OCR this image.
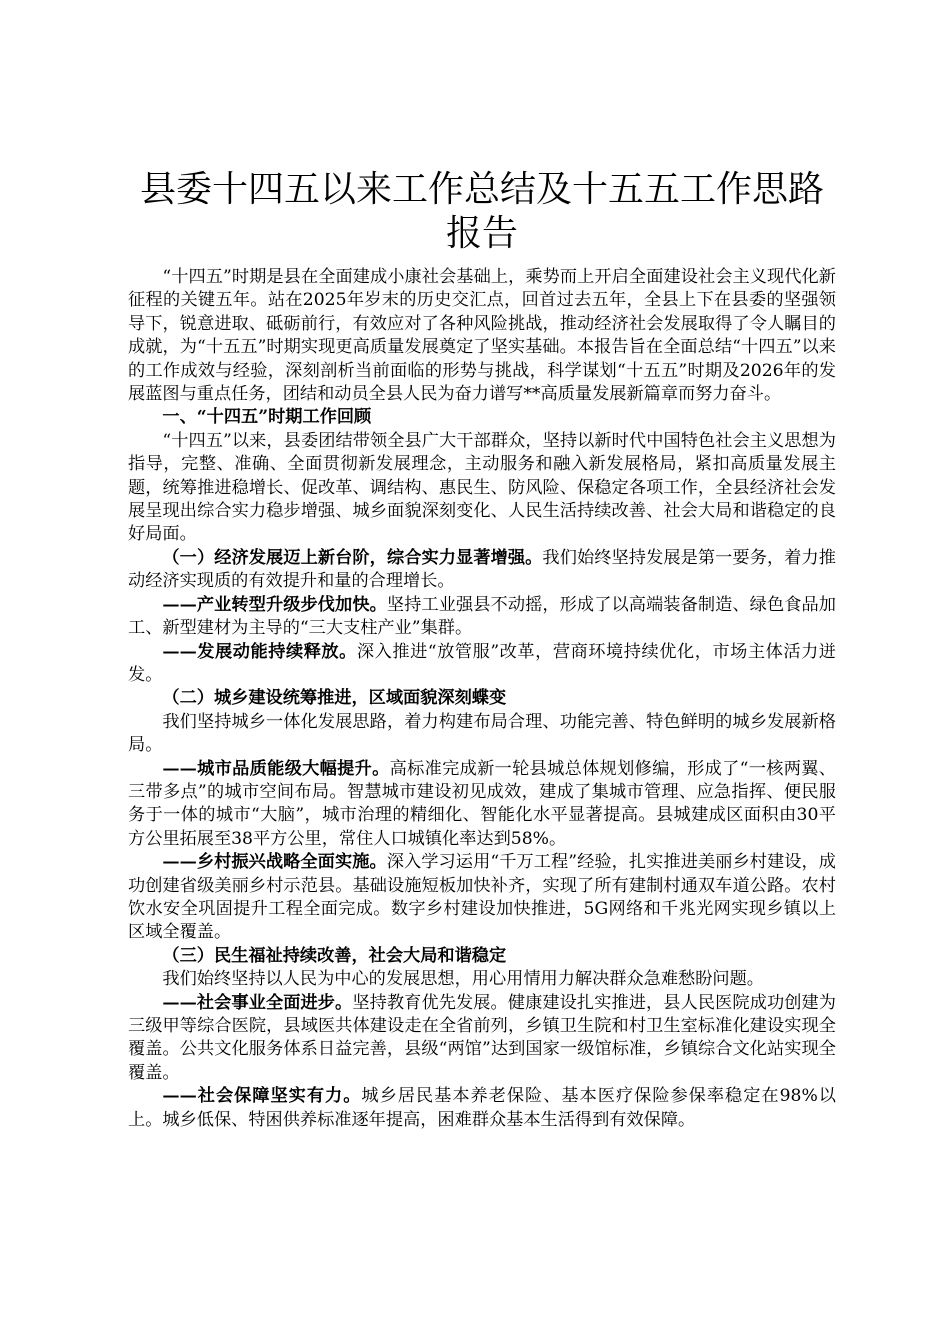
县委十四五以来工作总结及十五五工作思路报告

“十四五”时期是县在全面建成小康社会基础上，乘势而上开启全面建设社会主义现代化新征程的关键五年。站在2025年岁末的历史交汇点，回首过去五年，全县上下在县委的坚强领导下，锐意进取、砥砺前行，有效应对了各种风险挑战，推动经济社会发展取得了令人瞩目的成就，为“十五五”时期实现更高质量发展奠定了坚实基础。本报告旨在全面总结“十四五”以来的工作成效与经验，深刻剖析当前面临的形势与挑战，科学谋划“十五五”时期及2026年的发展蓝图与重点任务，团结和动员全县人民为奋力谱写**高质量发展新篇章而努力奋斗。

一、“十四五”时期工作回顾

“十四五”以来，县委团结带领全县广大干部群众，坚持以新时代中国特色社会主义思想为指导，完整、准确、全面贯彻新发展理念，主动服务和融入新发展格局，紧扣高质量发展主题，统筹推进稳增长、促改革、调结构、惠民生、防风险、保稳定各项工作，全县经济社会发展呈现出综合实力稳步增强、城乡面貌深刻变化、人民生活持续改善、社会大局和谐稳定的良好局面。

（一）经济发展迈上新台阶，综合实力显著增强。我们始终坚持发展是第一要务，着力推动经济实现质的有效提升和量的合理增长。

——产业转型升级步伐加快。坚持工业强县不动摇，形成了以高端装备制造、绿色食品加工、新型建材为主导的“三大支柱产业”集群。

——发展动能持续释放。深入推进“放管服”改革，营商环境持续优化，市场主体活力迸发。

（二）城乡建设统筹推进，区域面貌深刻蝶变

我们坚持城乡一体化发展思路，着力构建布局合理、功能完善、特色鲜明的城乡发展新格局。

——城市品质能级大幅提升。高标准完成新一轮县城总体规划修编，形成了“一核两翼、三带多点”的城市空间布局。智慧城市建设初见成效，建成了集城市管理、应急指挥、便民服务于一体的城市“大脑”，城市治理的精细化、智能化水平显著提高。县城建成区面积由30平方公里拓展至38平方公里，常住人口城镇化率达到58%。

——乡村振兴战略全面实施。深入学习运用“千万工程”经验，扎实推进美丽乡村建设，成功创建省级美丽乡村示范县。基础设施短板加快补齐，实现了所有建制村通双车道公路。农村饮水安全巩固提升工程全面完成。数字乡村建设加快推进，5G网络和千兆光网实现乡镇以上区域全覆盖。

（三）民生福祉持续改善，社会大局和谐稳定

我们始终坚持以人民为中心的发展思想，用心用情用力解决群众急难愁盼问题。

——社会事业全面进步。坚持教育优先发展。健康建设扎实推进，县人民医院成功创建为三级甲等综合医院，县域医共体建设走在全省前列，乡镇卫生院和村卫生室标准化建设实现全覆盖。公共文化服务体系日益完善，县级“两馆”达到国家一级馆标准，乡镇综合文化站实现全覆盖。

——社会保障坚实有力。城乡居民基本养老保险、基本医疗保险参保率稳定在98%以上。城乡低保、特困供养标准逐年提高，困难群众基本生活得到有效保障。
